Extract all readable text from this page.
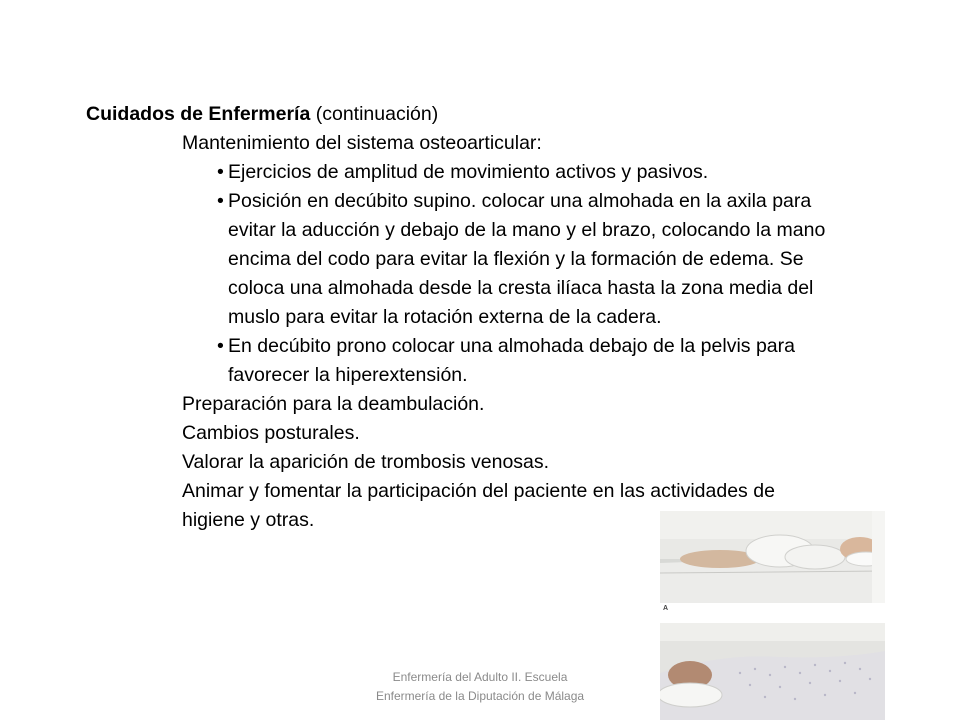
Cuidados de Enfermería (continuación)
Mantenimiento del sistema osteoarticular:
• Ejercicios de amplitud de movimiento activos y pasivos.
• Posición en decúbito supino. colocar una almohada en la axila para
evitar la aducción y debajo de la mano y el brazo, colocando la mano
encima del codo para evitar la flexión y la formación de edema. Se
coloca una almohada desde la cresta ilíaca hasta la zona media del
muslo para evitar la rotación externa de la cadera.
• En decúbito prono colocar una almohada debajo de la pelvis para
favorecer la hiperextensión.
Preparación para la deambulación.
Cambios posturales.
Valorar la aparición de trombosis venosas.
Animar y fomentar la participación del paciente en las actividades de
higiene y otras.
A
Enfermería del Adulto II. Escuela
Enfermería de la Diputación de Málaga
